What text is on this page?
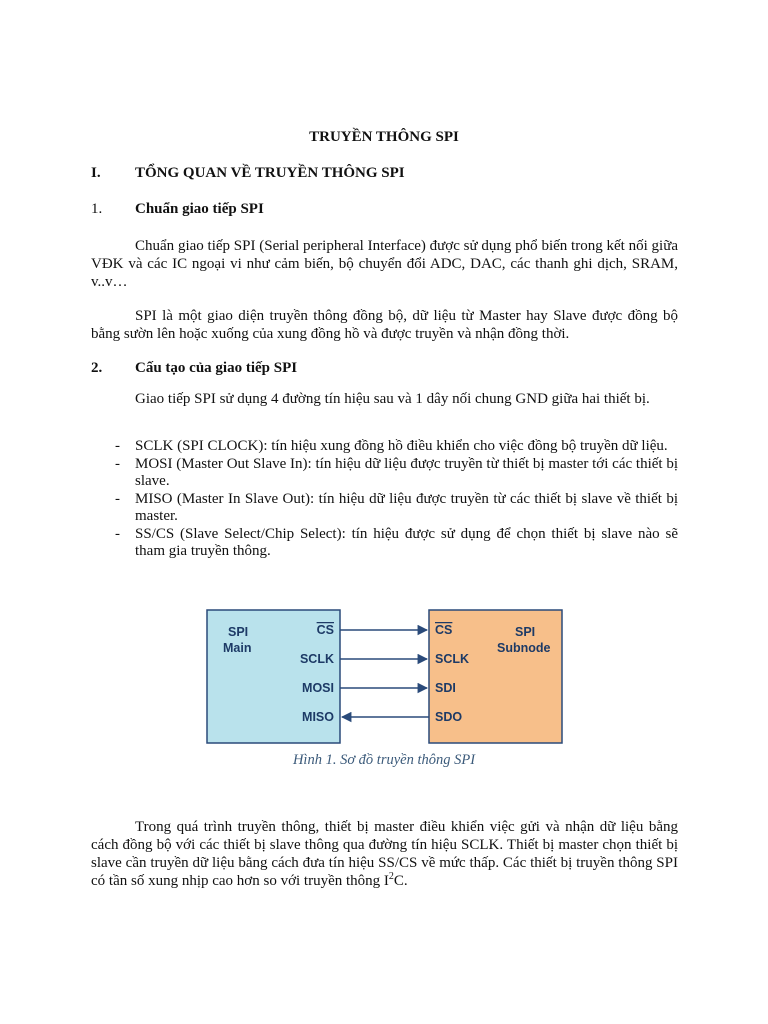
TRUYỀN THÔNG SPI
I. TỔNG QUAN VỀ TRUYỀN THÔNG SPI
1. Chuẩn giao tiếp SPI

Chuẩn giao tiếp SPI (Serial peripheral Interface) được sử dụng phổ biến trong kết nối giữa VĐK và các IC ngoại vi như cảm biến, bộ chuyển đổi ADC, DAC, các thanh ghi dịch, SRAM, v..v…

SPI là một giao diện truyền thông đồng bộ, dữ liệu từ Master hay Slave được đồng bộ bằng sườn lên hoặc xuống của xung đồng hồ và được truyền và nhận đồng thời.

2. Cấu tạo của giao tiếp SPI

Giao tiếp SPI sử dụng 4 đường tín hiệu sau và 1 dây nối chung GND giữa hai thiết bị.

- SCLK (SPI CLOCK): tín hiệu xung đồng hồ điều khiển cho việc đồng bộ truyền dữ liệu.
- MOSI (Master Out Slave In): tín hiệu dữ liệu được truyền từ thiết bị master tới các thiết bị slave.
- MISO (Master In Slave Out): tín hiệu dữ liệu được truyền từ các thiết bị slave về thiết bị master.
- SS/CS (Slave Select/Chip Select): tín hiệu được sử dụng để chọn thiết bị slave nào sẽ tham gia truyền thông.
SPI
Main
SPI
Subnode
CS
SCLK
MOSI
MISO
CS
SCLK
SDI
SDO
Hình 1. Sơ đồ truyền thông SPI

Trong quá trình truyền thông, thiết bị master điều khiển việc gửi và nhận dữ liệu bằng cách đồng bộ với các thiết bị slave thông qua đường tín hiệu SCLK. Thiết bị master chọn thiết bị slave cần truyền dữ liệu bằng cách đưa tín hiệu SS/CS về mức thấp. Các thiết bị truyền thông SPI có tần số xung nhịp cao hơn so với truyền thông $I^2C$.
